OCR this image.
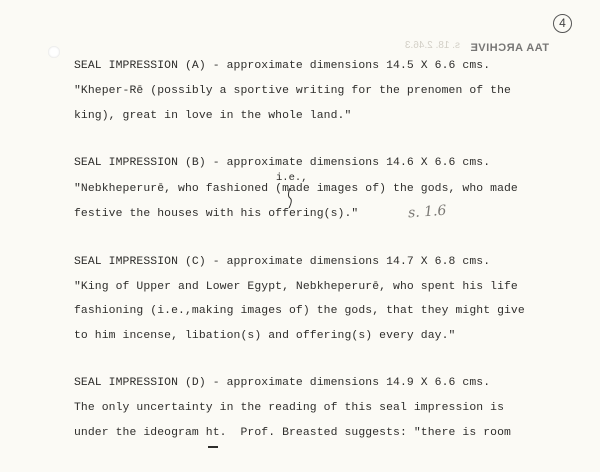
4
s. 18. 2.46.3 TAA ARCHIVE
SEAL IMPRESSION (A) - approximate dimensions 14.5 X 6.6 cms.
"Kheper-Rē (possibly a sportive writing for the prenomen of the
king), great in love in the whole land."
SEAL IMPRESSION (B) - approximate dimensions 14.6 X 6.6 cms.
i.e.,
"Nebkheperurē, who fashioned (made images of) the gods, who made
festive the houses with his offering(s)."	s. 1.6
SEAL IMPRESSION (C) - approximate dimensions 14.7 X 6.8 cms.
"King of Upper and Lower Egypt, Nebkheperurē, who spent his life
fashioning (i.e.,making images of) the gods, that they might give
to him incense, libation(s) and offering(s) every day."
SEAL IMPRESSION (D) - approximate dimensions 14.9 X 6.6 cms.
The only uncertainty in the reading of this seal impression is
under the ideogram ht.  Prof. Breasted suggests: "there is room
